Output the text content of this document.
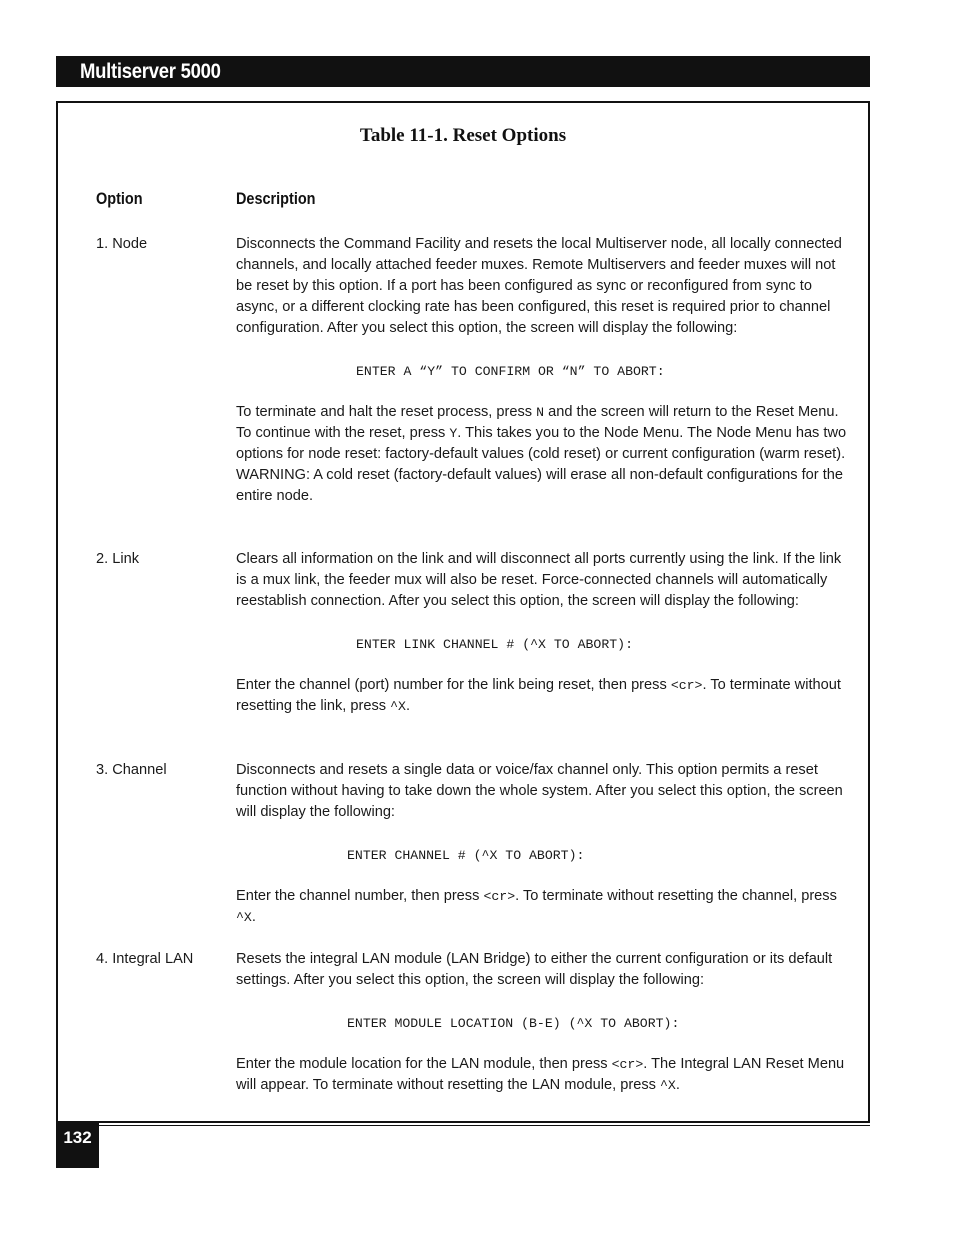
Multiserver 5000
Table 11-1. Reset Options
Option	Description
1. Node	Disconnects the Command Facility and resets the local Multiserver node, all locally connected channels, and locally attached feeder muxes. Remote Multiservers and feeder muxes will not be reset by this option. If a port has been configured as sync or reconfigured from sync to async, or a different clocking rate has been configured, this reset is required prior to channel configuration. After you select this option, the screen will display the following:

ENTER A “Y” TO CONFIRM OR “N” TO ABORT:

To terminate and halt the reset process, press N and the screen will return to the Reset Menu. To continue with the reset, press Y. This takes you to the Node Menu. The Node Menu has two options for node reset: factory-default values (cold reset) or current configuration (warm reset). WARNING: A cold reset (factory-default values) will erase all non-default configurations for the entire node.

2. Link	Clears all information on the link and will disconnect all ports currently using the link. If the link is a mux link, the feeder mux will also be reset. Force-connected channels will automatically reestablish connection. After you select this option, the screen will display the following:

ENTER LINK CHANNEL # (^X TO ABORT):

Enter the channel (port) number for the link being reset, then press <cr>. To terminate without resetting the link, press ^X.

3. Channel	Disconnects and resets a single data or voice/fax channel only. This option permits a reset function without having to take down the whole system. After you select this option, the screen will display the following:

ENTER CHANNEL # (^X TO ABORT):

Enter the channel number, then press <cr>. To terminate without resetting the channel, press ^X.

4. Integral LAN	Resets the integral LAN module (LAN Bridge) to either the current configuration or its default settings. After you select this option, the screen will display the following:

ENTER MODULE LOCATION (B-E) (^X TO ABORT):

Enter the module location for the LAN module, then press <cr>. The Integral LAN Reset Menu will appear. To terminate without resetting the LAN module, press ^X.

132
